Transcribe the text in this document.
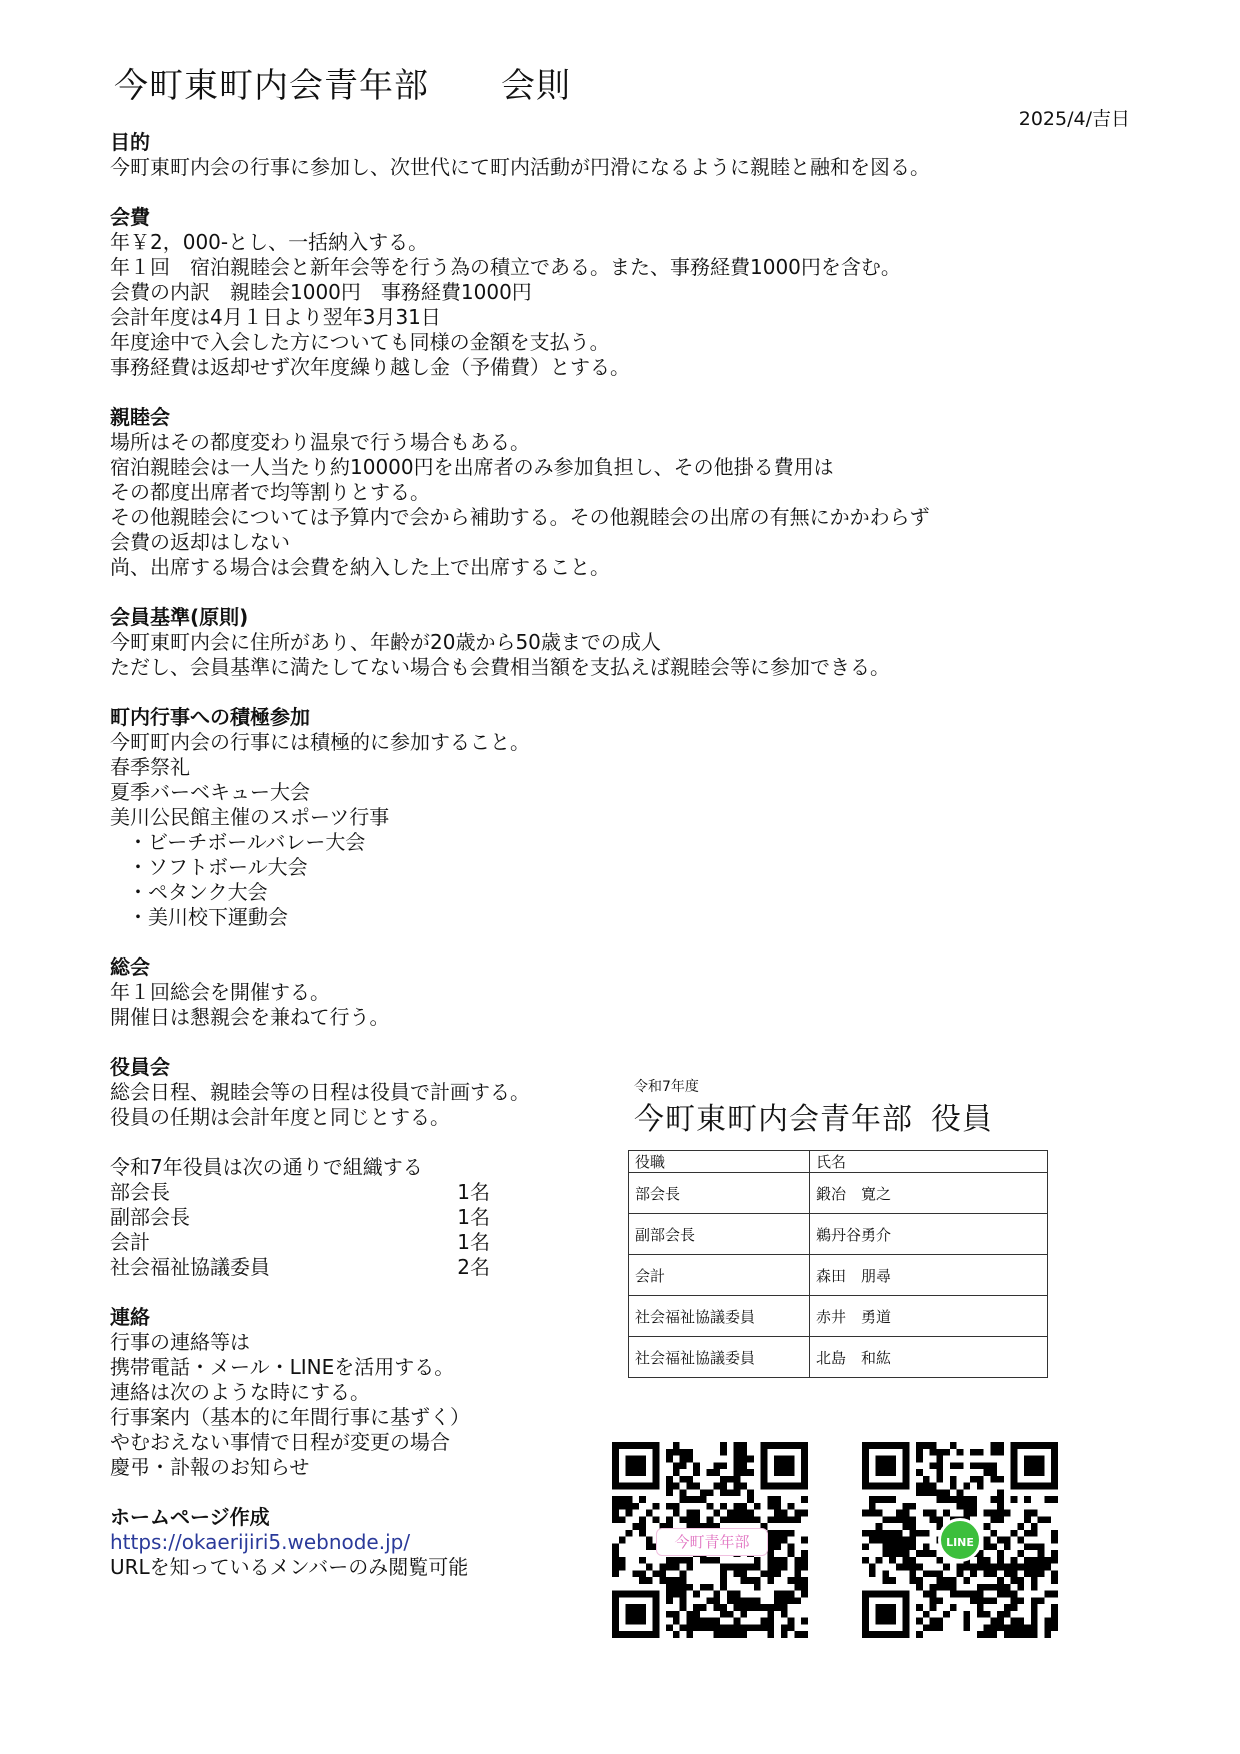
今町東町内会青年部 会則
2025/4/吉日
目的
今町東町内会の行事に参加し、次世代にて町内活動が円滑になるように親睦と融和を図る。
会費
年￥2，000-とし、一括納入する。
年１回　宿泊親睦会と新年会等を行う為の積立である。また、事務経費1000円を含む。
会費の内訳　親睦会1000円　事務経費1000円
会計年度は4月１日より翌年3月31日
年度途中で入会した方についても同様の金額を支払う。
事務経費は返却せず次年度繰り越し金（予備費）とする。
親睦会
場所はその都度変わり温泉で行う場合もある。
宿泊親睦会は一人当たり約10000円を出席者のみ参加負担し、その他掛る費用は
その都度出席者で均等割りとする。
その他親睦会については予算内で会から補助する。その他親睦会の出席の有無にかかわらず
会費の返却はしない
尚、出席する場合は会費を納入した上で出席すること。
会員基準(原則)
今町東町内会に住所があり、年齢が20歳から50歳までの成人
ただし、会員基準に満たしてない場合も会費相当額を支払えば親睦会等に参加できる。
町内行事への積極参加
今町町内会の行事には積極的に参加すること。
春季祭礼
夏季バーベキュー大会
美川公民館主催のスポーツ行事
・ビーチボールバレー大会
・ソフトボール大会
・ペタンク大会
・美川校下運動会
総会
年１回総会を開催する。
開催日は懇親会を兼ねて行う。
役員会
総会日程、親睦会等の日程は役員で計画する。
役員の任期は会計年度と同じとする。
令和7年役員は次の通りで組織する
部会長	1名
副部会長	1名
会計	1名
社会福祉協議委員	2名
連絡
行事の連絡等は
携帯電話・メール・LINEを活用する。
連絡は次のような時にする。
行事案内（基本的に年間行事に基ずく）
やむおえない事情で日程が変更の場合
慶弔・訃報のお知らせ
ホームページ作成
https://okaerijiri5.webnode.jp/
URLを知っているメンバーのみ閲覧可能
令和7年度
今町東町内会青年部 役員
役職	氏名
部会長	鍛冶　寛之
副部会長	鵜丹谷勇介
会計	森田　朋尋
社会福祉協議委員	赤井　勇道
社会福祉協議委員	北島　和紘
今町青年部	LINE
